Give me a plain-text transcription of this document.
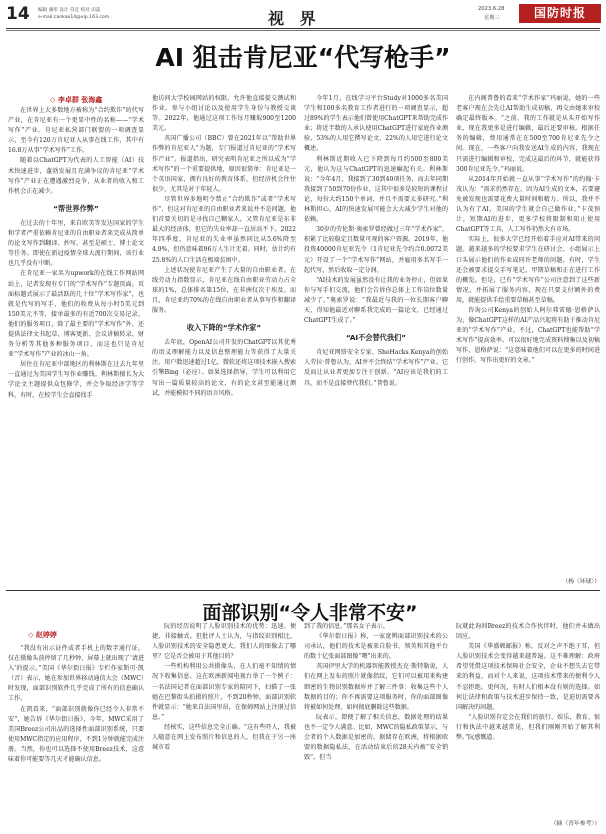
14 编辑 潘彤 设计 符宜 校对 田蕊
e-mail:cankao14@vip.163.com	视 界	2023.6.28
星期三	国防时报
AI 狙击肯尼亚“代写枪手”
◇ 李卓群 张海鑫

在世界上大多数地方被称为“合约欺诈”的代写产业，在肯尼亚有一个更显中性的名称——“学术写作”产业。肯尼亚私营部门联盟的一项调查显示，至今有120万肯尼亚人从事在线工作，其中有16.8万从事“学术写作”工作。

随着以ChatGPT为代表的人工智能（AI）技术快速进步，蓬勃发展且充满争议的肯尼亚“学术写作”产业正在遭遇激烈竞争，从业者的收入和工作机会正在减少。

“帮世界作弊”

在过去的十年里，来自欧美等发达国家的学生和学者严重依赖肯尼亚的自由职业者来完成从简单的论文写作到翻译、抄写，甚至是硕士、博士论文等任务。即使在新冠疫情全球大流行期间，该行业也几乎没有中断。

在肯尼亚一家名为upwork的在线工作网站网站上，记者发现有专门的“学术写作”专题页面。页面标题式展示了最活跃的几十位“学术写作家”，也就是代写的写手，他们的收费从每小时5美元到150美元不等，接单最多的有近700次交易记录，他们的服务项目，除了最主要的“学术写作”外，还提供法律文书起草、博客更新、会议讲稿转录、财务分析等其他多种服务项目，而这也只是肯尼亚“学术写作”产业的冰山一角。

居住在肯尼亚中部地区的利林斯在过去九年里一直通过为美国学生写作业赚钱。利林斯擅长为大学论文主题提供众包修学，并会争取经济学等学科，有时，在校学生会直接找手

他访问大学校园网站的权限，允许他直接提交测试和作业。参与小组讨论以及使用学生身份与教授交谈等。2022年，他通过这项工作每月赚取900至1200美元。

英国广播公司（BBC）曾在2021年以“帮助世界作弊的肯尼亚人”为题，专门报道过肯尼亚的“学术写作产业”。报道指出，研究表明肯尼亚之所以成为“学术写作”的一个重要提供地，原因很简单：肯尼亚是一个英语国家，拥有良好的教育体系，但经济机会往往很少，尤其是对于年轻人。

尽管世界多地明令禁止“合约欺诈”或者“学术写作”，但这对肯尼亚的自由职业者来说并不是问题，他们首要关切的是寻找自己糊家人。又管肯尼亚是东非最大的经济体，但它的失业率却一直居高不下。2022年四季度，肯尼亚的失业率虽然同比从5.6%降至4.9%，但仍意味着96万人生计无着。同时，估计约有25.8%的人口生活在极端贫困中。

上述状况使肯尼亚产生了大量的自由职业者。在线劳动力指数显示，肯尼亚在线自由职业劳动力占全球的1%，总体排名第15位，在非洲仅次于埃及。而且，肯尼亚约70%的在线自由职业者从事写作和翻译服务。

收入下降的“学术作家”

去年底，OpenAI公司开发的ChatGPT以其优秀的语义理解能力以及信息整理能力等获得了大量关注，用户数迅速超过1亿，微软还将这项技术嵌入搜索引擎Bing（必应）。如果选择指导，学生可以利用它写出一篇质量较高的论文，有的论文甚至能通过测试，并能模拟不同的语言风格。

今年1月，在线学习平台Study对1000多名美国学生和100多名教育工作者进行的一项调查显示，超过89%的学生表示他们曾使用ChatGPT来帮助完成作业；将近半数的人承认使用ChatGPT进行家庭作业测验，53%的人用它撰写论文，22%的人用它进行论文概述。

利林斯近期收入已下降到每月约500至800美元，他认为这与ChatGPT的迅速崛起有关。利林斯说：“今年4月，我接到了30到40项任务，而去年同期我接到了50到70份作业，这其中很多是较短的课程讨论，每份大约150个单词，并且不需要太多研究。”利林斯担心，AI的快速发展可能会大大减少学生对他的依赖。

30岁的劳伦斯·奥索罗曾经做过三年“学术作家”，积累了比较稳定且数量可观的客户资源。2019年，他投资40000肯尼亚先令（1肯尼亚先令约合0.0072美元）开设了一个“学术写作”网站，并雇用多名写手一起代写，然后收取一定分润。

“AI技术的发展虽然没有让我的业务停止，但如果你与写手们交流，他们会告诉你总体上工作岗位数量减少了。”奥索罗说：“我最近与我的一位长期客户聊天，得知他最近对聊系我完成的一篇论文，已经通过ChatGPT生成了。”

“AI不会替代我们”

肯尼亚网络安全专家、SheHacks Kenya的创始人劳拉·普鲁认为，AI并不会终结“学术写作”产业。它反而让从业者更加专注于创新。“AI应该是我们的工具，而不是直接替代我们。”普鲁说。

在内阁普鲁的看来“学术作家”玛丽说，她的一些老客户现在会先让AI帮助生成初稿，再交由她来审校确定最终版本。“之前，我的工作就是从头开始写作业，现在我更多是进行编辑，最后还要审核。根据任务的编辑，费用通常在在500至700肯尼亚先令之间。现在，一些客户向我发送AI生成的内容，我现在只需进行编辑和审校，完成这最后的环节，就能获得300肯尼亚先令。”玛丽说。

从2014年开始就一直从事“学术写作”的约翰·卡茂认为：“需求仍然存在，因为AI生成的文本，若要避免被发现也需要花费大量时间和精力。所以，我并不认为有了AI，美国的学生就会自己做作业。”卡茂预计，短期AI的进步，更多学校将限制和阻止使用ChatGPT等工具，人工写作仍然大有市场。

实际上，很多大学已经开始着手应对AI带来的问题。越来越多的学校要求学生在研讨会、小组展示上口头展示他们的作业或同许老师的问题。有时，学生还会被要求提交手写笔记，甲期草稿和正在进行工作的概览。但是，已有“学术写作”公司注意到了这些新情况，并拓展了服务内容，现在只要支付额外的费用，就能提供手绘重要草稿甚至草稿。

咨询公司Kenya的创始人阿尔弗雷德·恩格萨认为，像ChatGPT这样的AI产品兴起将有助于推动肯尼亚的“学术写作”产业。不过，ChatGPT也能帮助“学术写作”提高效率。可以很好地完成资料搜集以及初稿写作，恩格萨说：“这意味着他们可以在更多的时间进行创作，写作出更好的文章。”

（杨〈环球〉）
面部识别“令人非常不安”
◇ 赵婷婷

“我没有出示证件或者手机上的数字通行证，仅在摄像头前停留了几秒钟，屏幕上就出现了‘请进入’的提示。”美国《华尔街日报》专栏作家斯可·凯（音）表示，她在参加世界移动通信大会（MWC）时发现，面部识别软件几乎完成了所有的信息确认工作。

在凯看来，“面部识别就像你已经令人非常不安”，她告诉《华尔街日报》，今年，MWC采用了美国Breez公司出品的选择性面部识别系统，只要使用MWC指定的应用程序，不到1分钟就能完成注册。当然，你也可以选择不使用Breez技术，这意味着你可能要等几天才能确认信息。

阮的经历说明了人脸识别技术的优势：迅速、便捷、非接触式。但批评人士认为，与指纹识别相比，人脸识别技术的安全隐患更大。我们人的图像去了哪里？它是否会被用于其他目的？

一些机构利用公共摄像头，在人们毫不知情的情况下收集信息。这在欧洲新闻电视台举了一个例子：一名法国记者在面部识别专家的陪同下，扫描了一张她在巴黎街头拍摄的照片，不到20秒钟，面部识别软件就显示：“她来自法国里昂，在保姆网站上注册过信息。”

经核实，这些信息完全正确。“这有些吓人，我被人随意在网上发布照片和信息的人，但我在于另一座城市看

到了我的信息。”那名女子表示。

《华尔街日报》称，一家宽辨面部识别技术的公司承认，他们的技术是被来自脸书、领英和其他平台的数十亿张面部图像“喂”出来的。

英国伊里大学的机器智能教授杰克·斯特勒说，人们在网上发布的照片就像指纹，它们可以被用来构建细密的生物识别数据库并了解三件事：收集这些个人数据的目的；你不再需要这项服务时，你的面部图像将被如何处理，如何彻底删除这些数据。

阮表示，即便了解了相关信息，数据处理的结果也不一定令人满意。比如，MWC的隐私政策显示，与会者的个人数据是加密的，据储存在欧洲，将根据欧盟的数据隐私法，在活动结束后的28天内被“安全销毁”。但当

阮就此询问Breez的技术合作伙伴时，他们并未做出回应。

美国《华盛顿邮报》称，反对之声不绝于耳，但人脸识别技术会变得越来越普遍。这不难理解：政府希望凭借这项技术保障社会安全，企业不想失去它带来的利益，而对个人来说，这项技术带来的便利令人不忍拒绝。更何况，有时人们根本没有则的选择。如何让法律和政策与技术进步保持一致，是迫切需要各国解决的问题。

“人脸识别肯定会在我们的旅行、娱乐、教育、银行和执法中越来越常见，但我们刚刚开始了解其利弊。”阮感慨道。

（摘〈青年参考〉）
